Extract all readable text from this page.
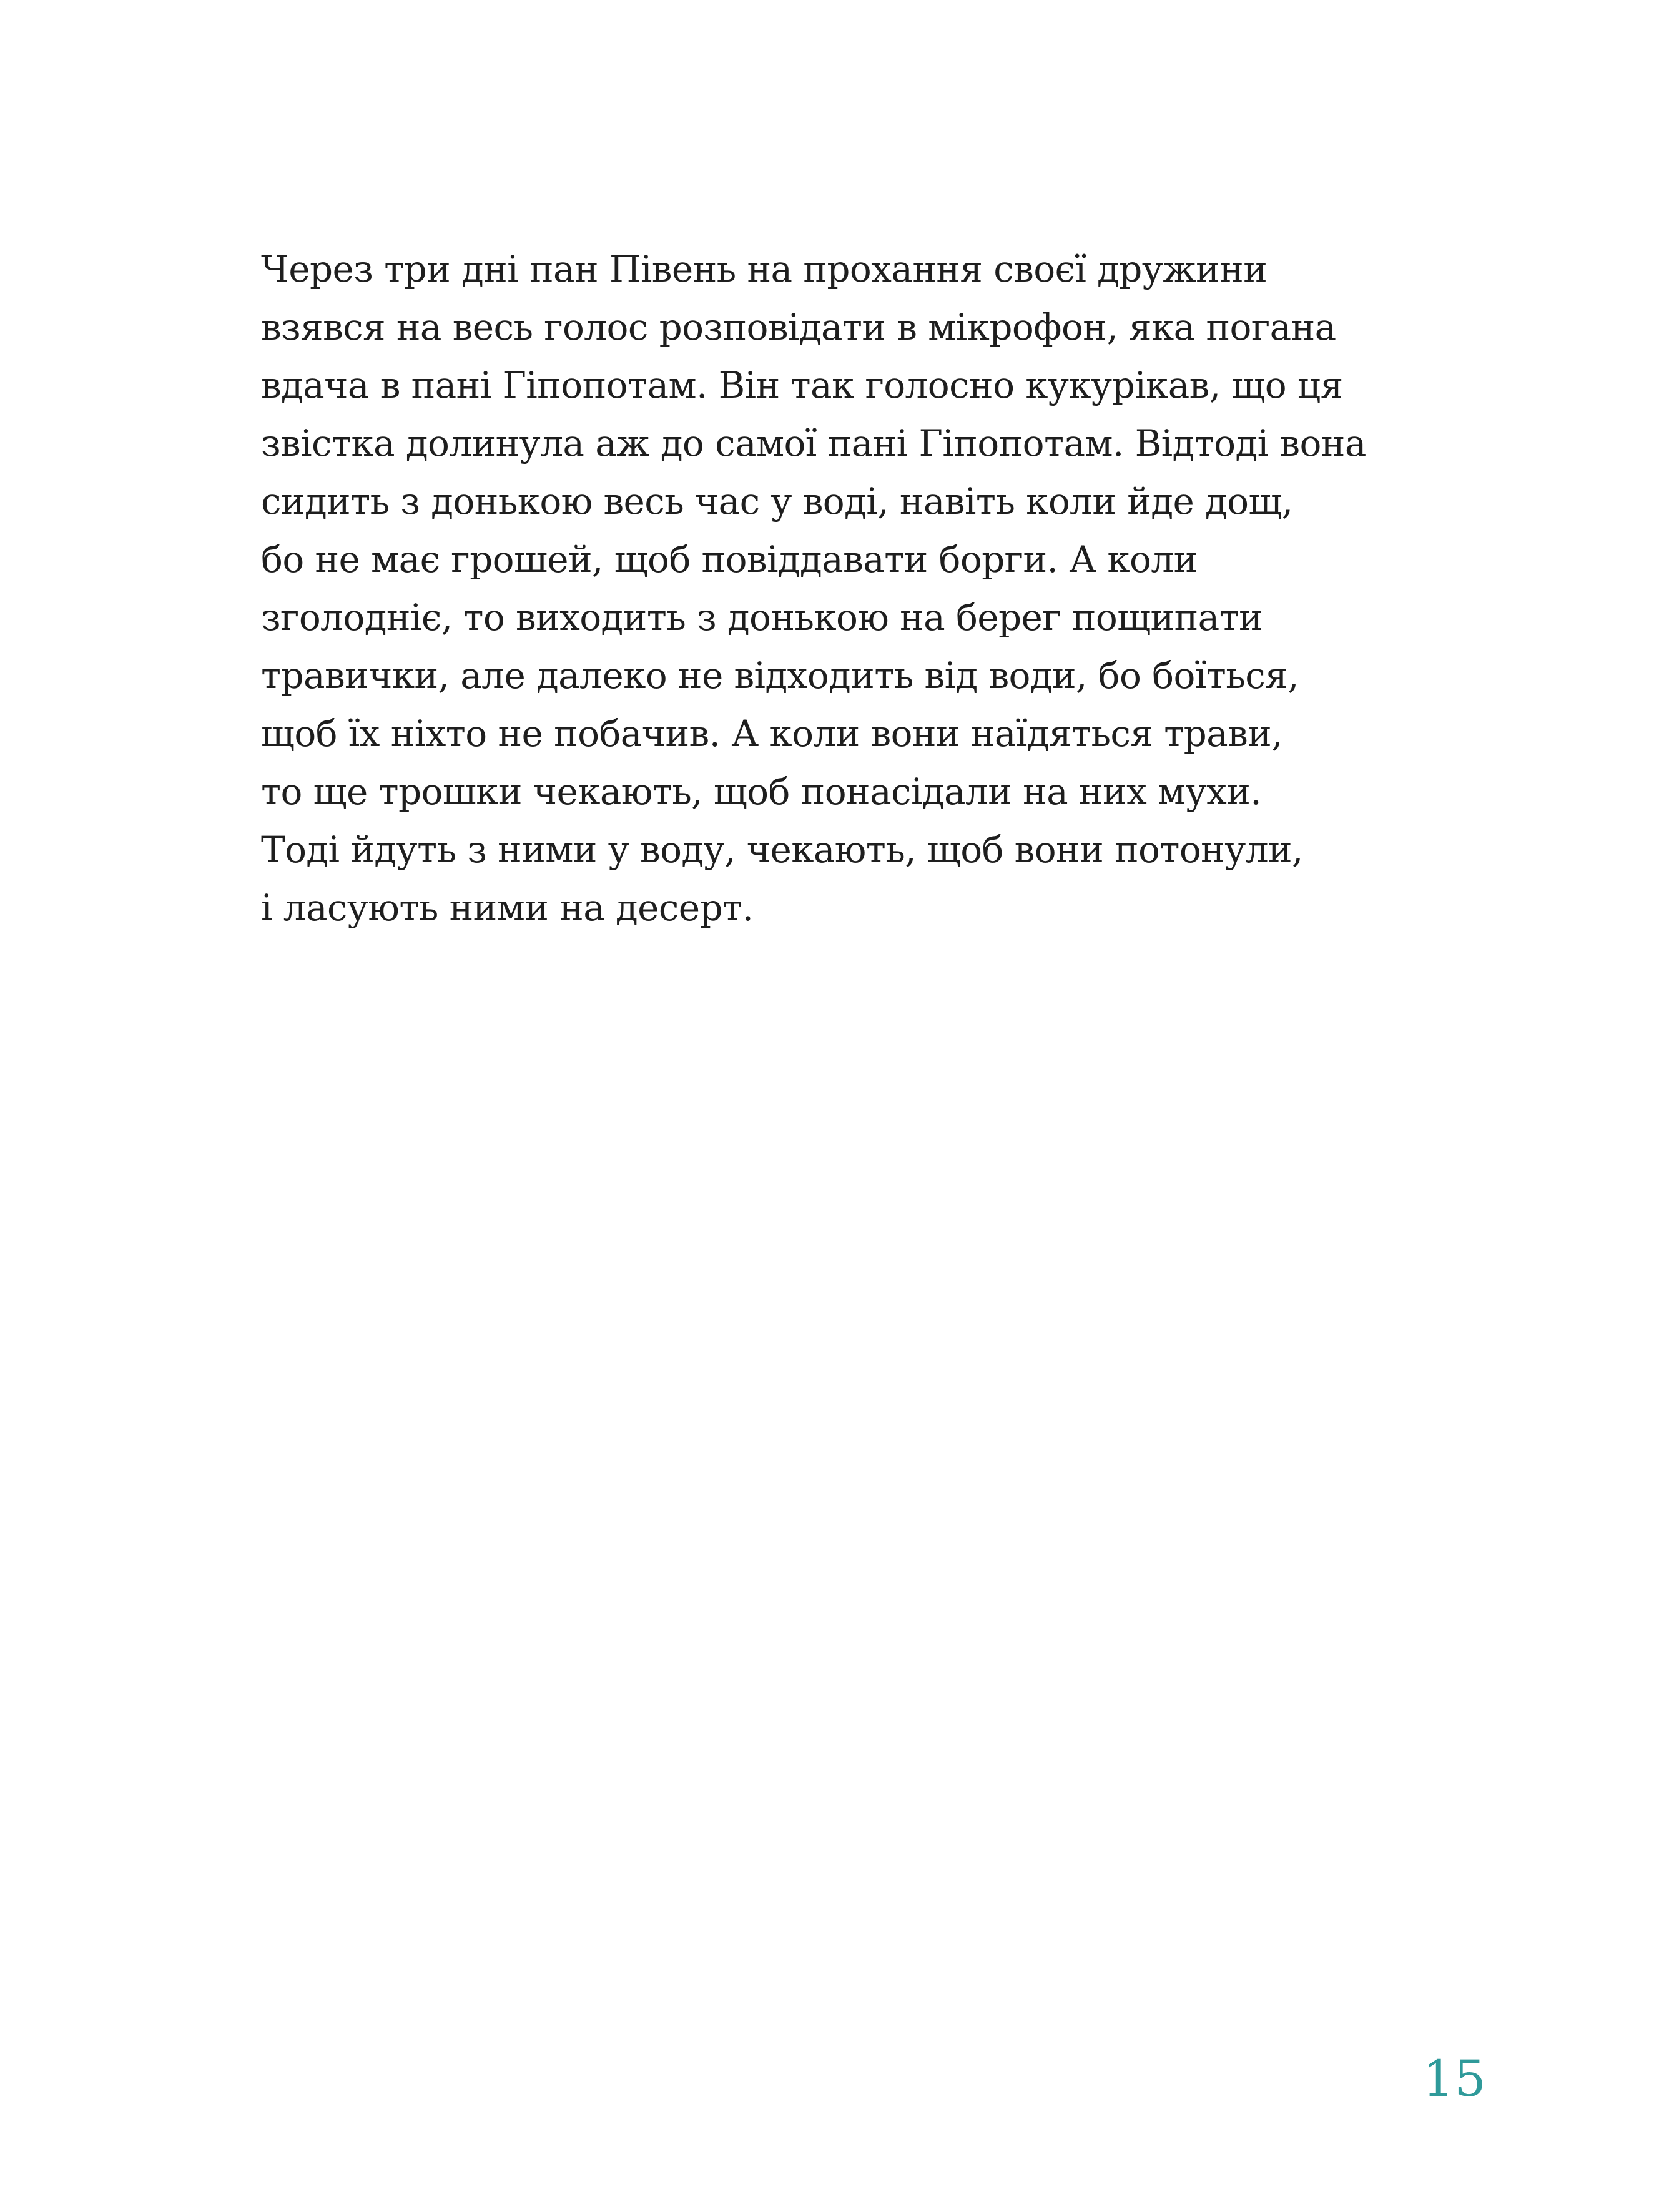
Через три дні пан Півень на прохання своєї дружини
взявся на весь голос розповідати в мікрофон, яка погана
вдача в пані Гіпопотам. Він так голосно кукурікав, що ця
звістка долинула аж до самої пані Гіпопотам. Відтоді вона
сидить з донькою весь час у воді, навіть коли йде дощ,
бо не має грошей, щоб повіддавати борги. А коли
зголодніє, то виходить з донькою на берег пощипати
травички, але далеко не відходить від води, бо боїться,
щоб їх ніхто не побачив. А коли вони наїдяться трави,
то ще трошки чекають, щоб понасідали на них мухи.
Тоді йдуть з ними у воду, чекають, щоб вони потонули,
і ласують ними на десерт.

15
